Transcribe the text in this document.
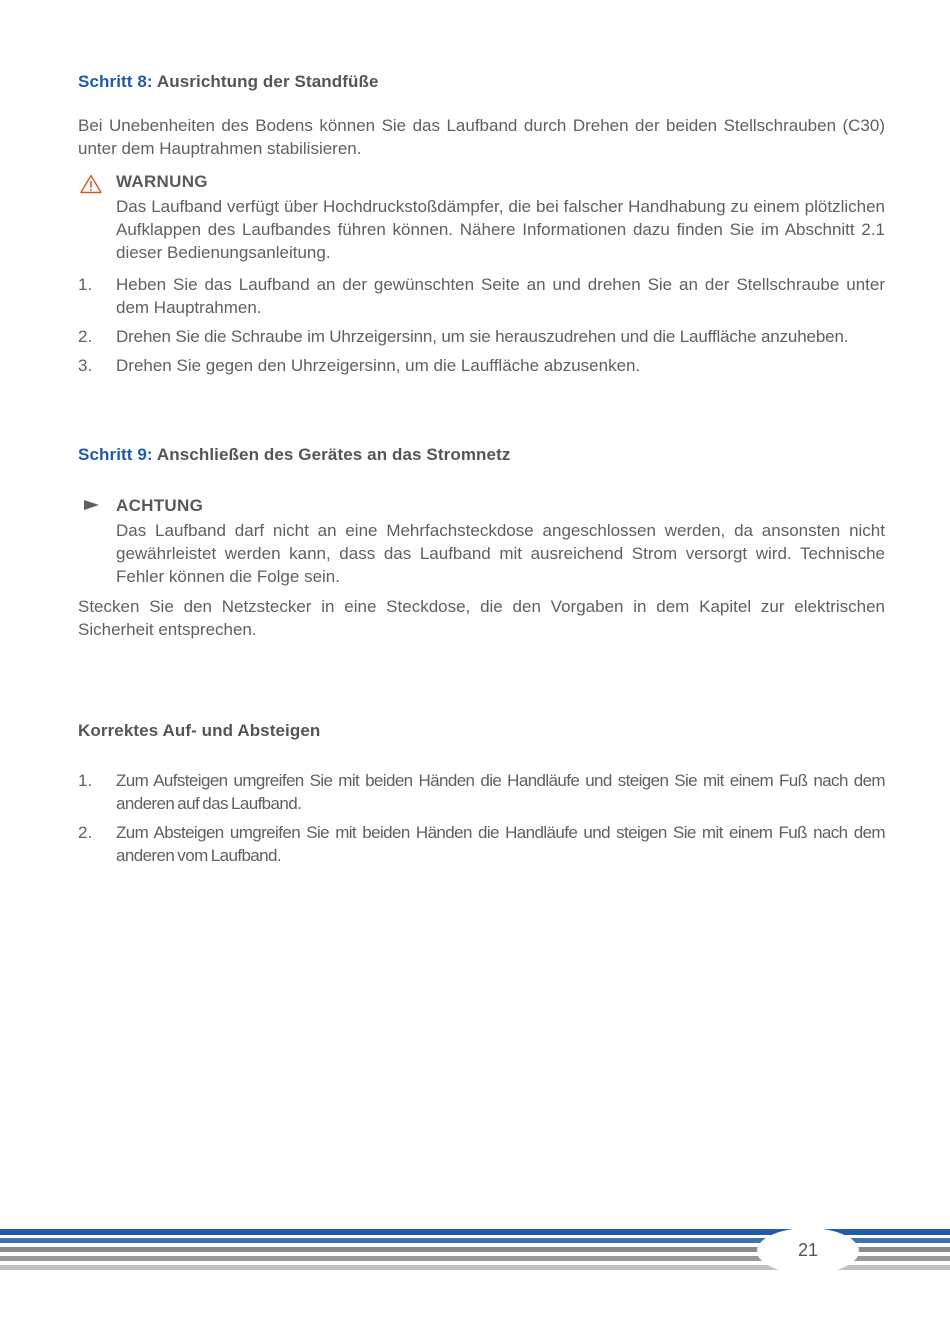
Schritt 8: Ausrichtung der Standfüße
Bei Unebenheiten des Bodens können Sie das Laufband durch Drehen der beiden Stellschrauben (C30) unter dem Hauptrahmen stabilisieren.
WARNUNG
Das Laufband verfügt über Hochdruckstoßdämpfer, die bei falscher Handhabung zu einem plötzlichen Aufklappen des Laufbandes führen können. Nähere Informationen dazu finden Sie im Abschnitt 2.1 dieser Bedienungsanleitung.
1. Heben Sie das Laufband an der gewünschten Seite an und drehen Sie an der Stellschraube unter dem Hauptrahmen.
2. Drehen Sie die Schraube im Uhrzeigersinn, um sie herauszudrehen und die Lauffläche anzuheben.
3. Drehen Sie gegen den Uhrzeigersinn, um die Lauffläche abzusenken.
Schritt 9: Anschließen des Gerätes an das Stromnetz
ACHTUNG
Das Laufband darf nicht an eine Mehrfachsteckdose angeschlossen werden, da ansonsten nicht gewährleistet werden kann, dass das Laufband mit ausreichend Strom versorgt wird. Technische Fehler können die Folge sein.
Stecken Sie den Netzstecker in eine Steckdose, die den Vorgaben in dem Kapitel zur elektrischen Sicherheit entsprechen.
Korrektes Auf- und Absteigen
1. Zum Aufsteigen umgreifen Sie mit beiden Händen die Handläufe und steigen Sie mit einem Fuß nach dem anderen auf das Laufband.
2. Zum Absteigen umgreifen Sie mit beiden Händen die Handläufe und steigen Sie mit einem Fuß nach dem anderen vom Laufband.
21
